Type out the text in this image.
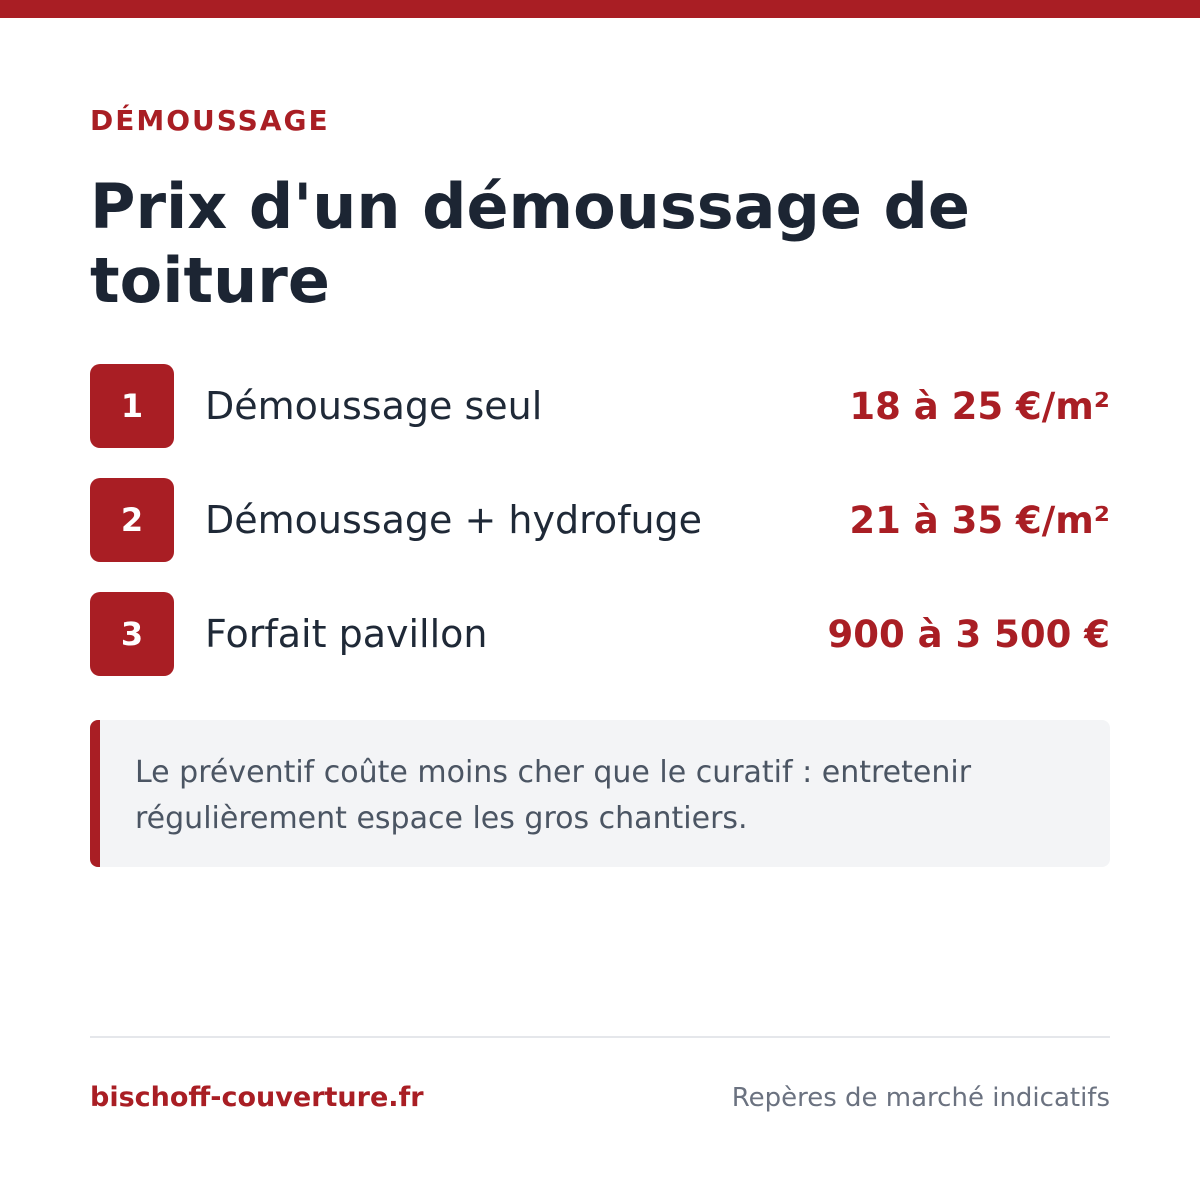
DÉMOUSSAGE
Prix d'un démoussage de toiture
1	Démoussage seul	18 à 25 €/m²
2	Démoussage + hydrofuge	21 à 35 €/m²
3	Forfait pavillon	900 à 3 500 €
Le préventif coûte moins cher que le curatif : entretenir régulièrement espace les gros chantiers.
bischoff-couverture.fr	Repères de marché indicatifs
